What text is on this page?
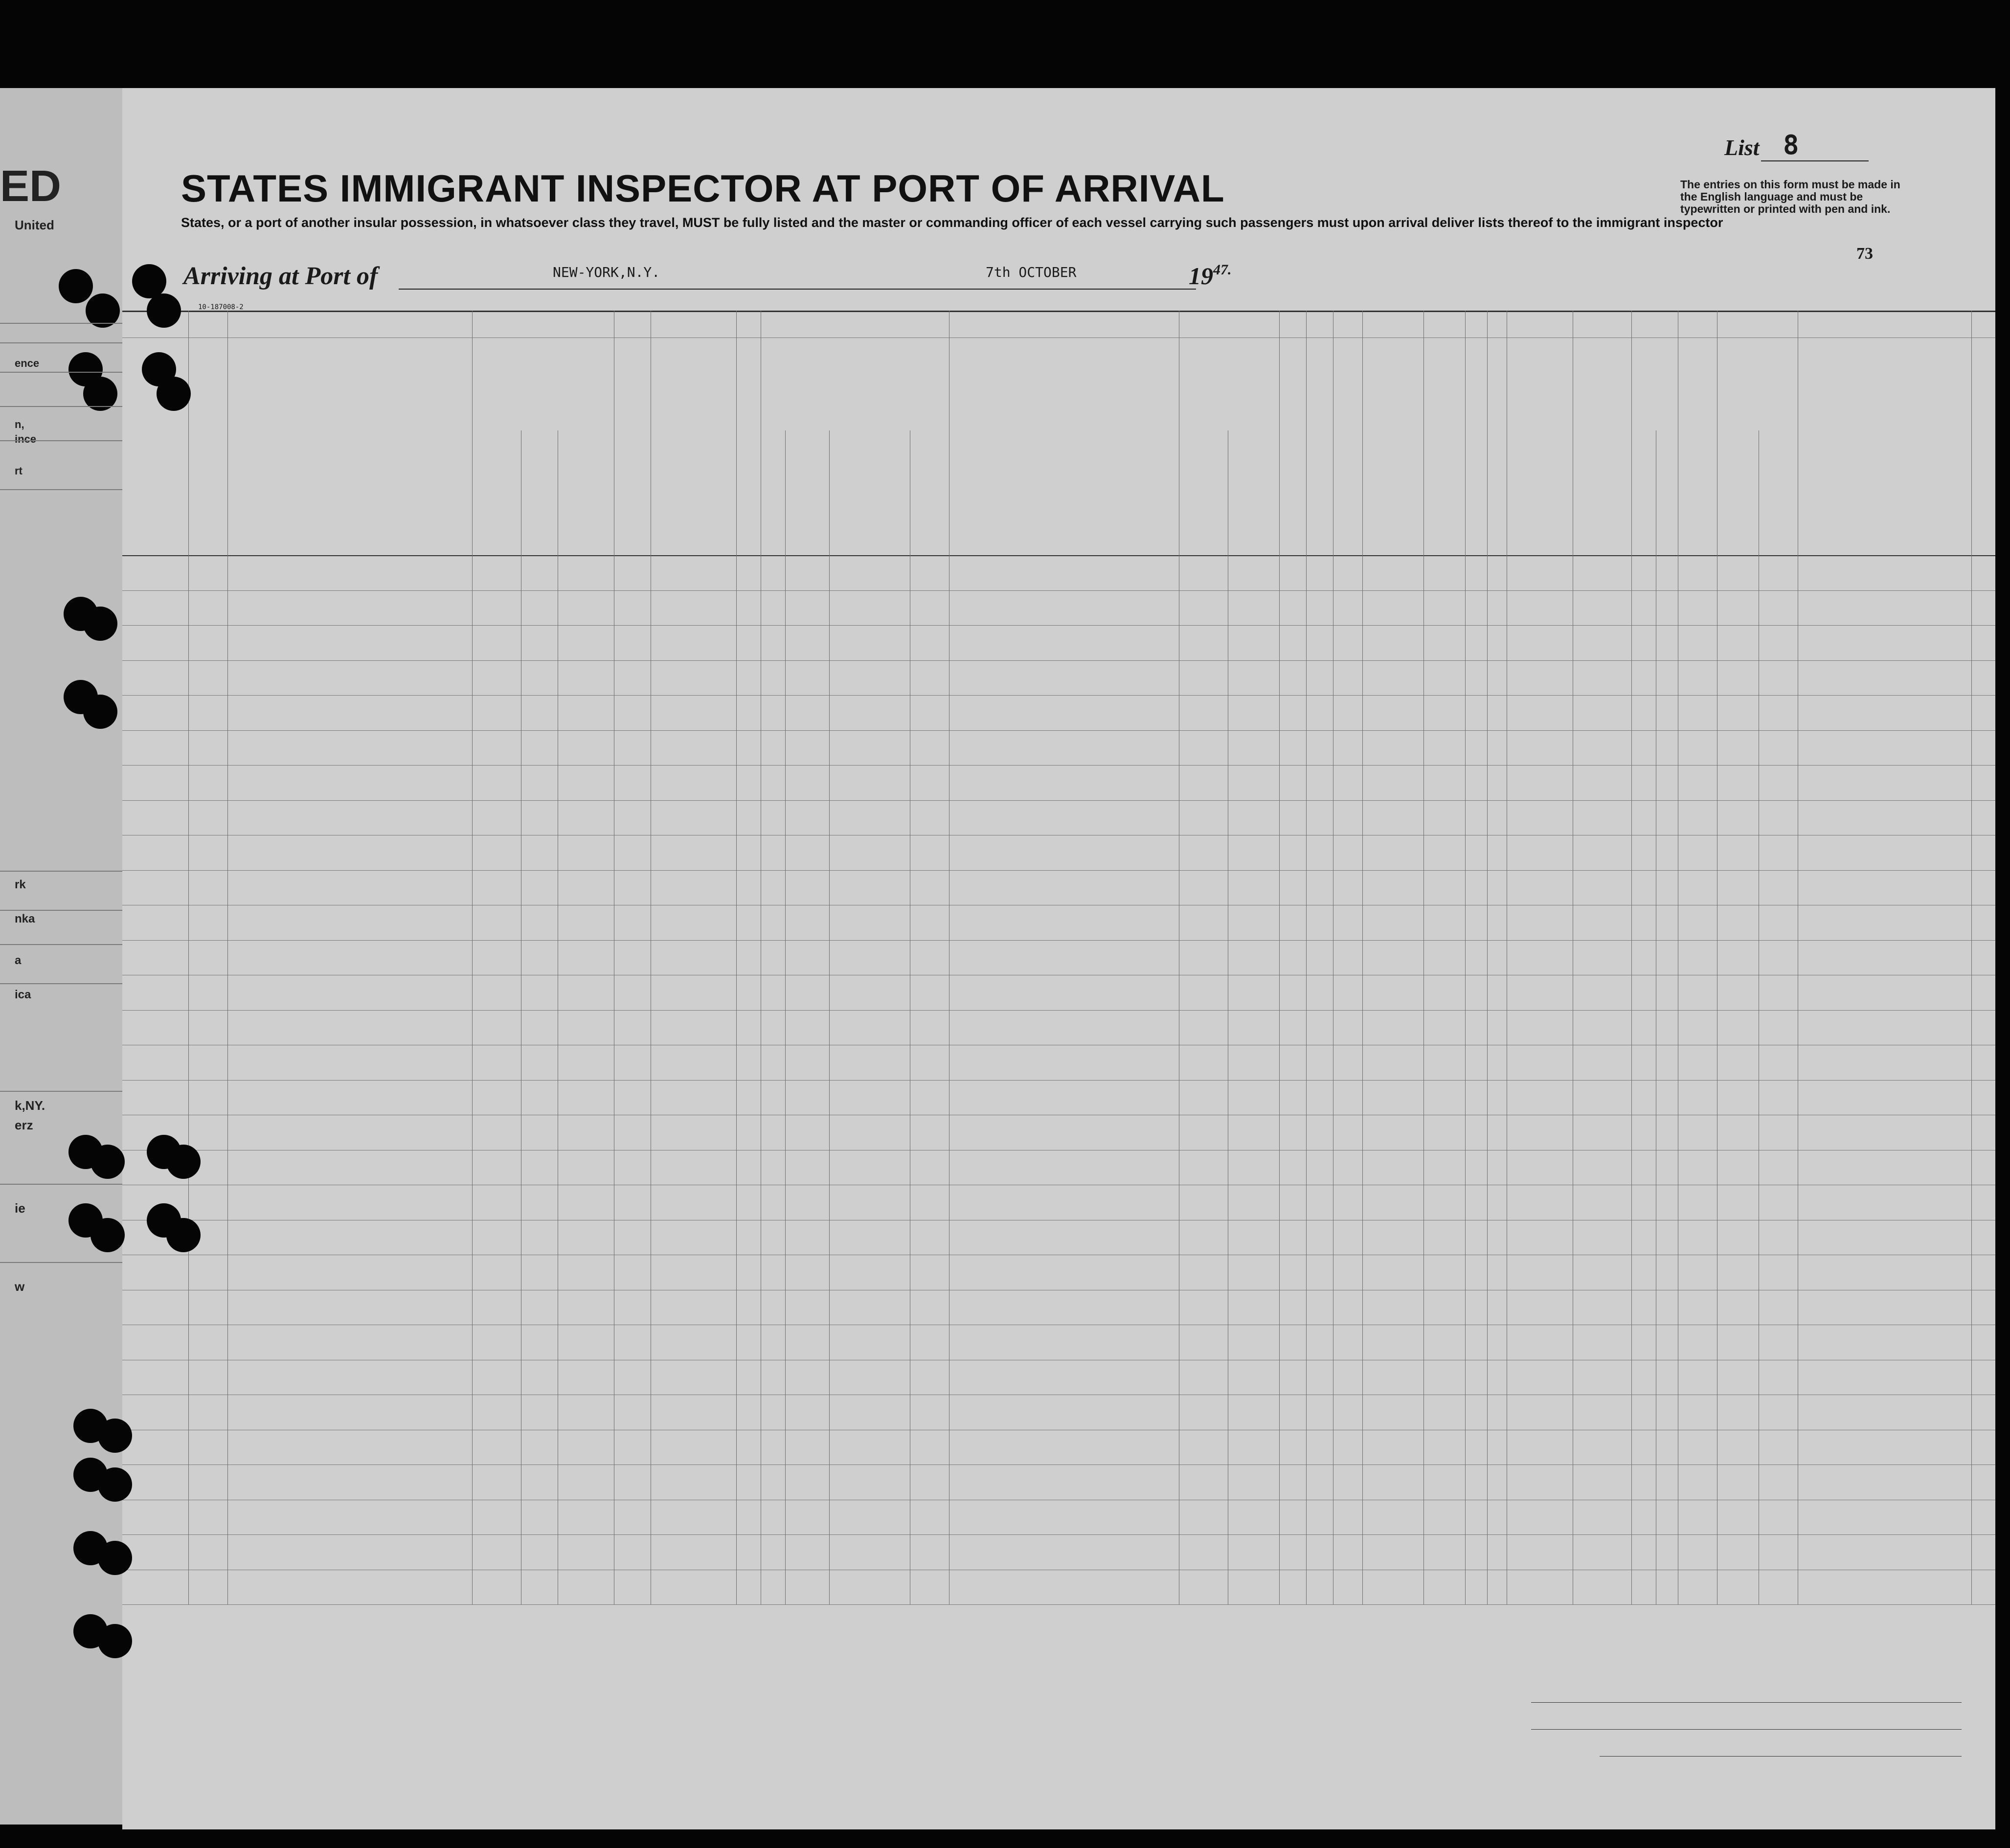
List 8
The entries on this form must be made in the English language and must be typewritten or printed with pen and ink.
STATES IMMIGRANT INSPECTOR AT PORT OF ARRIVAL
States, or a port of another insular possession, in whatsoever class they travel, MUST be fully listed and the master or commanding officer of each vessel carrying such passengers must upon arrival deliver lists thereof to the immigrant inspector
73
Arriving at Port of	NEW-YORK,N.Y.	7th OCTOBER	$19^{47.}$
10-187008-2
ED
United
ence
n,
ince
rt
rk
nka
a
ica
k,NY.
erz
ie
w
